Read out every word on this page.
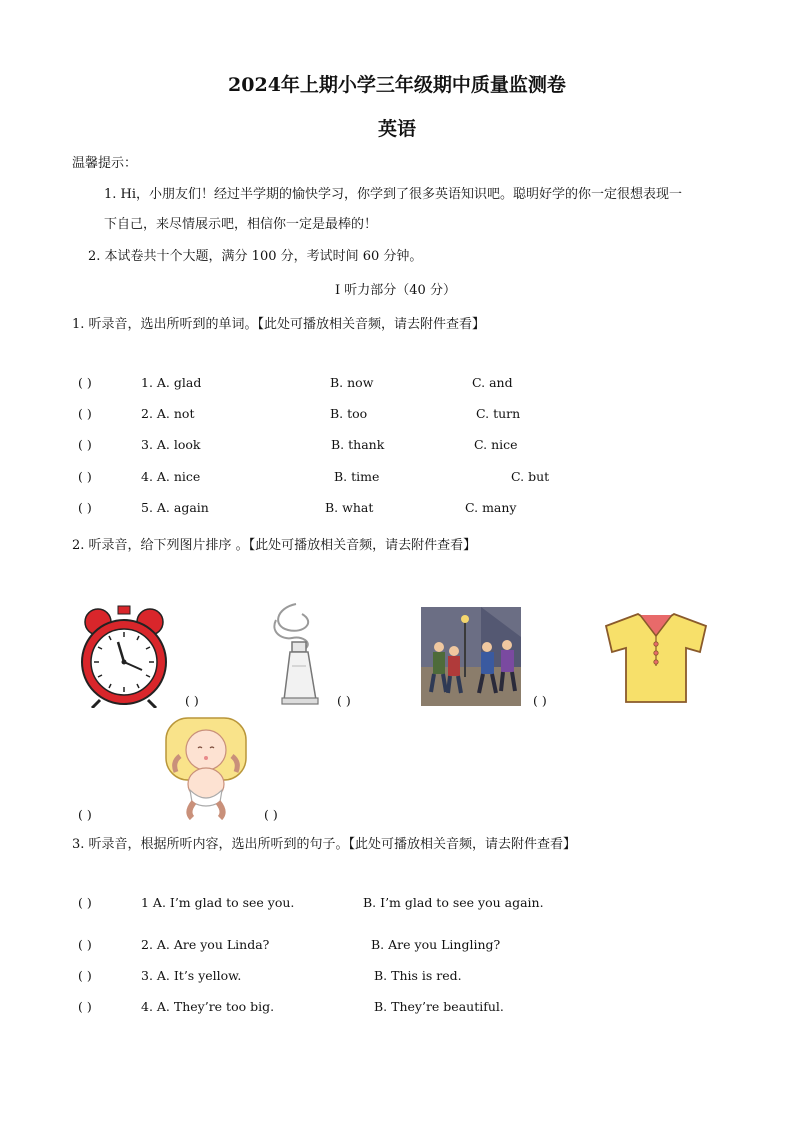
2024年上期小学三年级期中质量监测卷
英语
温馨提示：
1. Hi，小朋友们！经过半学期的愉快学习，你学到了很多英语知识吧。聪明好学的你一定很想表现一
下自己，来尽情展示吧，相信你一定是最棒的！
2. 本试卷共十个大题，满分 100 分，考试时间 60 分钟。
I 听力部分（40 分）
1. 听录音，选出所听到的单词。【此处可播放相关音频，请去附件查看】
( )	1. A. glad	B. now	C. and
( )	2. A. not	B. too	C. turn
( )	3. A. look	B. thank	C. nice
( )	4. A. nice	B. time	C. but
( )	5. A. again	B. what	C. many
2. 听录音，给下列图片排序 。【此处可播放相关音频，请去附件查看】
( )	( )	( )
( )	( )
3. 听录音，根据所听内容，选出所听到的句子。【此处可播放相关音频，请去附件查看】
( )	1 A. I’m glad to see you.	B. I’m glad to see you again.
( )	2. A. Are you Linda?	B. Are you Lingling?
( )	3. A. It’s yellow.	B. This is red.
( )	4. A. They’re too big.	B. They’re beautiful.
